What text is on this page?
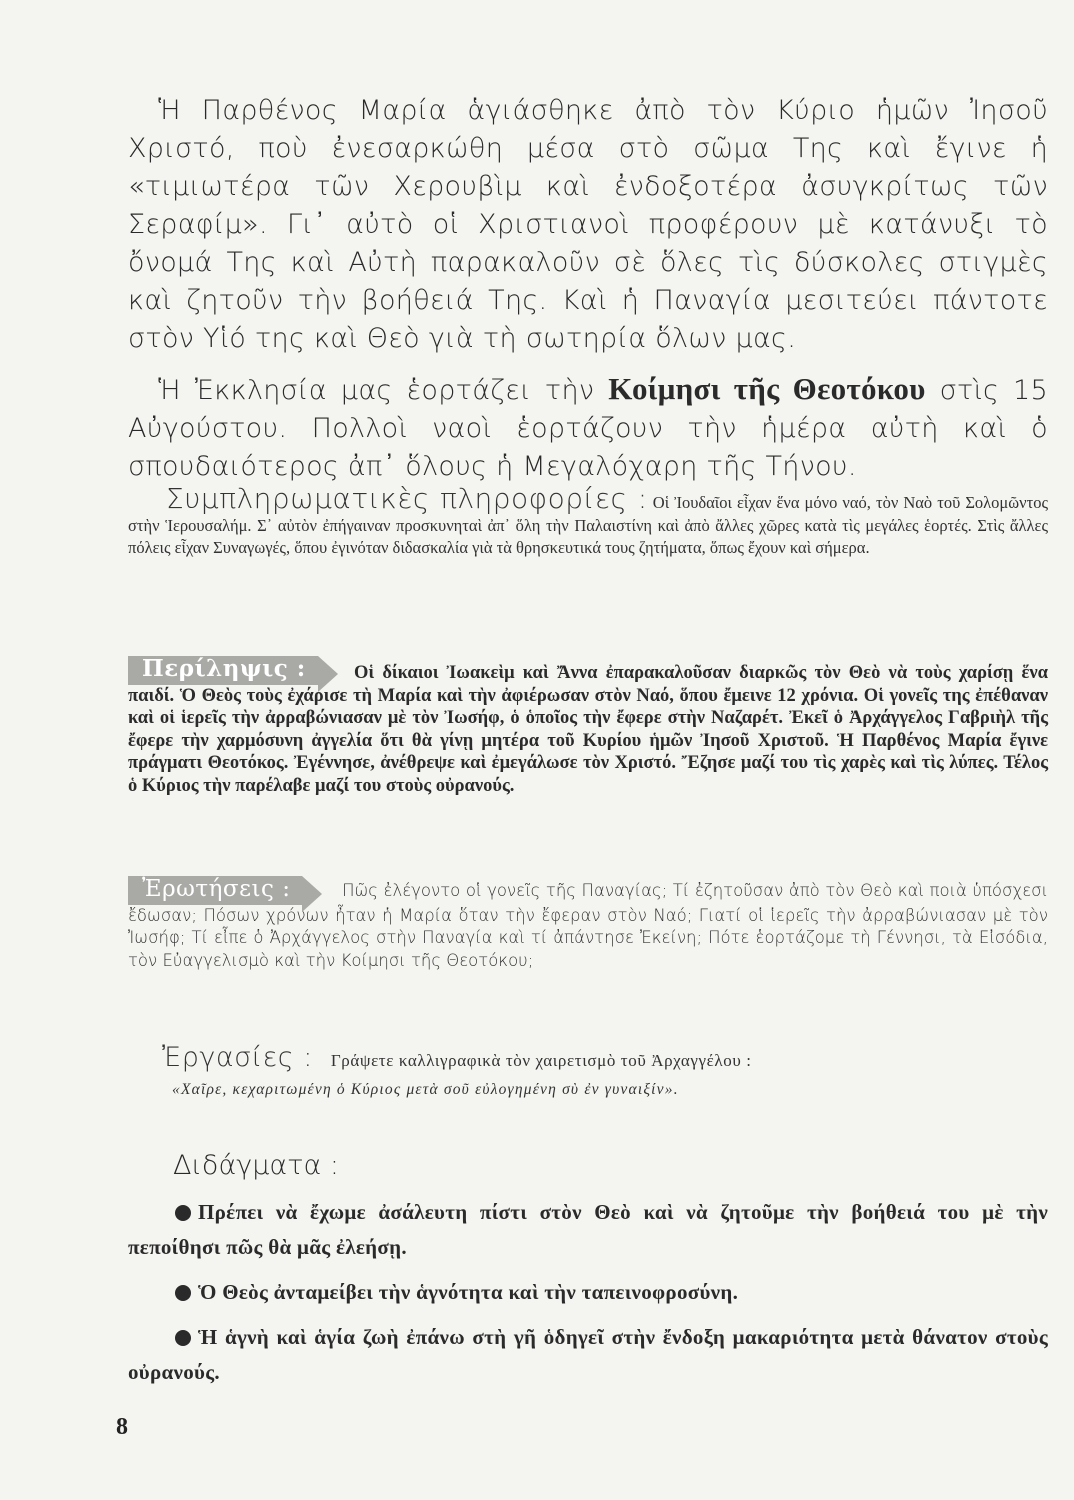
Ἡ Παρθένος Μαρία ἁγιάσθηκε ἀπὸ τὸν Κύριο ἡμῶν Ἰησοῦ Χριστό, ποὺ ἐνεσαρκώθη μέσα στὸ σῶμα Της καὶ ἔγινε ἡ «τιμιωτέρα τῶν Χερουβὶμ καὶ ἐνδοξοτέρα ἀσυγκρίτως τῶν Σεραφίμ». Γι᾽ αὐτὸ οἱ Χριστιανοὶ προφέρουν μὲ κατάνυξι τὸ ὄνομά Της καὶ Αὐτὴ παρακαλοῦν σὲ ὅλες τὶς δύσκολες στιγμὲς καὶ ζητοῦν τὴν βοήθειά Της. Καὶ ἡ Παναγία μεσιτεύει πάντοτε στὸν Υἱό της καὶ Θεὸ γιὰ τὴ σωτηρία ὅλων μας.

Ἡ Ἐκκλησία μας ἑορτάζει τὴν Κοίμησι τῆς Θεοτόκου στὶς 15 Αὐγούστου. Πολλοὶ ναοὶ ἑορτάζουν τὴν ἡμέρα αὐτὴ καὶ ὁ σπουδαιότερος ἀπ᾽ ὅλους ἡ Μεγαλόχαρη τῆς Τήνου.

Συμπληρωματικὲς πληροφορίες : Οἱ Ἰουδαῖοι εἶχαν ἕνα μόνο ναό, τὸν Ναὸ τοῦ Σολομῶντος στὴν Ἱερουσαλήμ. Σ᾽ αὐτὸν ἐπήγαιναν προσκυνηταὶ ἀπ᾽ ὅλη τὴν Παλαιστίνη καὶ ἀπὸ ἄλλες χῶρες κατὰ τὶς μεγάλες ἑορτές. Στὶς ἄλλες πόλεις εἶχαν Συναγωγές, ὅπου ἐγινόταν διδασκαλία γιὰ τὰ θρησκευτικά τους ζητήματα, ὅπως ἔχουν καὶ σήμερα.
Περίληψις :	Οἱ δίκαιοι Ἰωακεὶμ καὶ Ἄννα ἐπαρακαλοῦσαν διαρκῶς τὸν Θεὸ νὰ τοὺς χαρίσῃ ἕνα παιδί. Ὁ Θεὸς τοὺς ἐχάρισε τὴ Μαρία καὶ τὴν ἀφιέρωσαν στὸν Ναό, ὅπου ἔμεινε 12 χρόνια. Οἱ γονεῖς της ἐπέθαναν καὶ οἱ ἱερεῖς τὴν ἀρραβώνιασαν μὲ τὸν Ἰωσήφ, ὁ ὁποῖος τὴν ἔφερε στὴν Ναζαρέτ. Ἐκεῖ ὁ Ἀρχάγγελος Γαβριὴλ τῆς ἔφερε τὴν χαρμόσυνη ἀγγελία ὅτι θὰ γίνῃ μητέρα τοῦ Κυρίου ἡμῶν Ἰησοῦ Χριστοῦ. Ἡ Παρθένος Μαρία ἔγινε πράγματι Θεοτόκος. Ἐγέννησε, ἀνέθρεψε καὶ ἐμεγάλωσε τὸν Χριστό. Ἔζησε μαζί του τὶς χαρὲς καὶ τὶς λύπες. Τέλος ὁ Κύριος τὴν παρέλαβε μαζί του στοὺς οὐρανούς.
Ἐρωτήσεις :	Πῶς ἐλέγοντο οἱ γονεῖς τῆς Παναγίας; Τί ἐζητοῦσαν ἀπὸ τὸν Θεὸ καὶ ποιὰ ὑπόσχεσι ἔδωσαν; Πόσων χρόνων ἦταν ἡ Μαρία ὅταν τὴν ἔφεραν στὸν Ναό; Γιατί οἱ ἱερεῖς τὴν ἀρραβώνιασαν μὲ τὸν Ἰωσήφ; Τί εἶπε ὁ Ἀρχάγγελος στὴν Παναγία καὶ τί ἀπάντησε Ἐκείνη; Πότε ἑορτάζομε τὴ Γέννησι, τὰ Εἰσόδια, τὸν Εὐαγγελισμὸ καὶ τὴν Κοίμησι τῆς Θεοτόκου;
Ἐργασίες : Γράψετε καλλιγραφικὰ τὸν χαιρετισμὸ τοῦ Ἀρχαγγέλου :
«Χαῖρε, κεχαριτωμένη ὁ Κύριος μετὰ σοῦ εὐλογημένη σὺ ἐν γυναιξίν».
Διδάγματα :
Πρέπει νὰ ἔχωμε ἀσάλευτη πίστι στὸν Θεὸ καὶ νὰ ζητοῦμε τὴν βοήθειά του μὲ τὴν πεποίθησι πῶς θὰ μᾶς ἐλεήσῃ.
Ὁ Θεὸς ἀνταμείβει τὴν ἁγνότητα καὶ τὴν ταπεινοφροσύνη.
Ἡ ἁγνὴ καὶ ἁγία ζωὴ ἐπάνω στὴ γῆ ὁδηγεῖ στὴν ἔνδοξη μακαριότητα μετὰ θάνατον στοὺς οὐρανούς.
8
